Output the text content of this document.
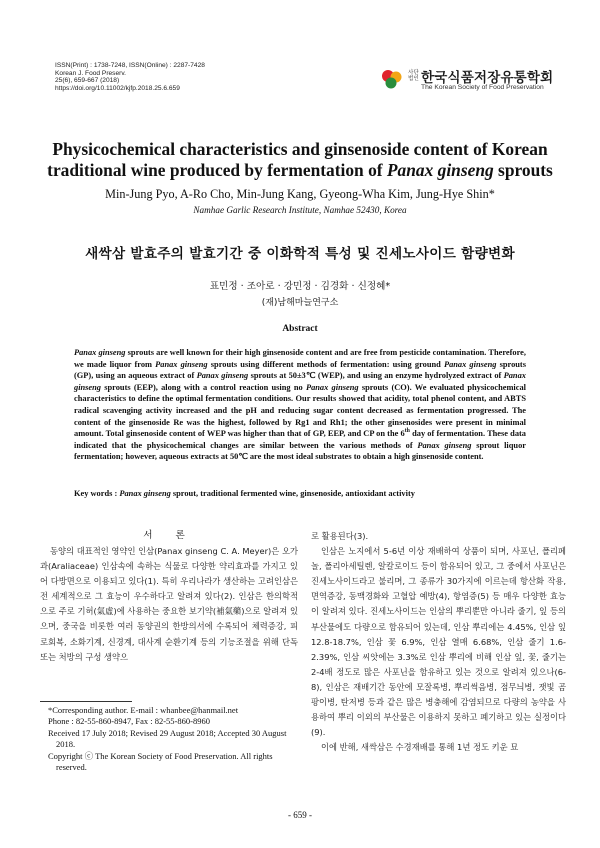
ISSN(Print) : 1738-7248, ISSN(Online) : 2287-7428
Korean J. Food Preserv.
25(6), 659-667 (2018)
https://doi.org/10.11002/kjfp.2018.25.6.659
사단
법인 한국식품저장유통학회
The Korean Society of Food Preservation
Physicochemical characteristics and ginsenoside content of Korean
traditional wine produced by fermentation of Panax ginseng sprouts
Min-Jung Pyo, A-Ro Cho, Min-Jung Kang, Gyeong-Wha Kim, Jung-Hye Shin*
Namhae Garlic Research Institute, Namhae 52430, Korea
새싹삼 발효주의 발효기간 중 이화학적 특성 및 진세노사이드 함량변화
표민정 · 조아로 · 강민정 · 김경화 · 신정혜*
(재)남해마늘연구소
Abstract
Panax ginseng sprouts are well known for their high ginsenoside content and are free from pesticide contamination. Therefore, we made liquor from Panax ginseng sprouts using different methods of fermentation: using ground Panax ginseng sprouts (GP), using an aqueous extract of Panax ginseng sprouts at 50±3℃ (WEP), and using an enzyme hydrolyzed extract of Panax ginseng sprouts (EEP), along with a control reaction using no Panax ginseng sprouts (CO). We evaluated physicochemical characteristics to define the optimal fermentation conditions. Our results showed that acidity, total phenol content, and ABTS radical scavenging activity increased and the pH and reducing sugar content decreased as fermentation progressed. The content of the ginsenoside Re was the highest, followed by Rg1 and Rh1; the other ginsenosides were present in minimal amount. Total ginsenoside content of WEP was higher than that of GP, EEP, and CP on the 6th day of fermentation. These data indicated that the physicochemical changes are similar between the various methods of Panax ginseng sprout liquor fermentation; however, aqueous extracts at 50℃ are the most ideal substrates to obtain a high ginsenoside content.
Key words : Panax ginseng sprout, traditional fermented wine, ginsenoside, antioxidant activity
서 론

동양의 대표적인 영약인 인삼(Panax ginseng C. A. Meyer)은 오가과(Araliaceae) 인삼속에 속하는 식물로 다양한 약리효과를 가지고 있어 다방면으로 이용되고 있다(1). 특히 우리나라가 생산하는 고려인삼은 전 세계적으로 그 효능이 우수하다고 알려져 있다(2). 인삼은 한의학적으로 주로 기허(氣虛)에 사용하는 중요한 보기약(補氣藥)으로 알려져 있으며, 중국을 비롯한 여러 동양권의 한방의서에 수록되어 체력증강, 피로회복, 소화기계, 신경계, 대사계 순환기계 등의 기능조절을 위해 단독 또는 처방의 구성 생약으

로 활용된다(3).

인삼은 노지에서 5-6년 이상 재배하여 상품이 되며, 사포닌, 폴리페놀, 폴리아세틸렌, 알칼로이드 등이 함유되어 있고, 그 중에서 사포닌은 진세노사이드라고 불리며, 그 종류가 30가지에 이르는데 항산화 작용, 면역증강, 동맥경화와 고혈압 예방(4), 항염증(5) 등 매우 다양한 효능이 알려져 있다. 진세노사이드는 인삼의 뿌리뿐만 아니라 줄기, 잎 등의 부산물에도 다량으로 함유되어 있는데, 인삼 뿌리에는 4.45%, 인삼 잎 12.8-18.7%, 인삼 꽃 6.9%, 인삼 열매 6.68%, 인삼 줄기 1.6-2.39%, 인삼 씨앗에는 3.3%로 인삼 뿌리에 비해 인삼 잎, 꽃, 줄기는 2-4배 정도로 많은 사포닌을 함유하고 있는 것으로 알려져 있으나(6-8), 인삼은 재배기간 동안에 모잘록병, 뿌리썩음병, 점무늬병, 잿빛 곰팡이병, 탄저병 등과 같은 많은 병충해에 감염되므로 다량의 농약을 사용하여 뿌리 이외의 부산물은 이용하지 못하고 폐기하고 있는 실정이다(9).

이에 반해, 새싹삼은 수경재배를 통해 1년 정도 키운 묘

*Corresponding author. E-mail : whanbee@hanmail.net
Phone : 82-55-860-8947, Fax : 82-55-860-8960
Received 17 July 2018; Revised 29 August 2018; Accepted 30 August 2018.
Copyright ⓒ The Korean Society of Food Preservation. All rights reserved.
- 659 -
